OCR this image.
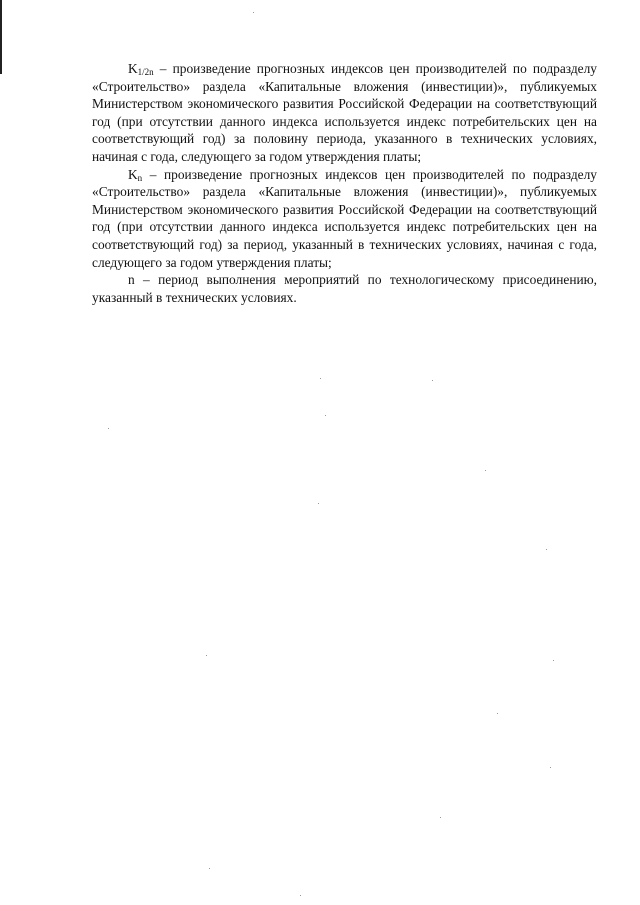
$K_{1/2n}$ – произведение прогнозных индексов цен производителей по подразделу «Строительство» раздела «Капитальные вложения (инвестиции)», публикуемых Министерством экономического развития Российской Федерации на соответствующий год (при отсутствии данного индекса используется индекс потребительских цен на соответствующий год) за половину периода, указанного в технических условиях, начиная с года, следующего за годом утверждения платы;

$K_n$ – произведение прогнозных индексов цен производителей по подразделу «Строительство» раздела «Капитальные вложения (инвестиции)», публикуемых Министерством экономического развития Российской Федерации на соответствующий год (при отсутствии данного индекса используется индекс потребительских цен на соответствующий год) за период, указанный в технических условиях, начиная с года, следующего за годом утверждения платы;

n – период выполнения мероприятий по технологическому присоединению, указанный в технических условиях.
